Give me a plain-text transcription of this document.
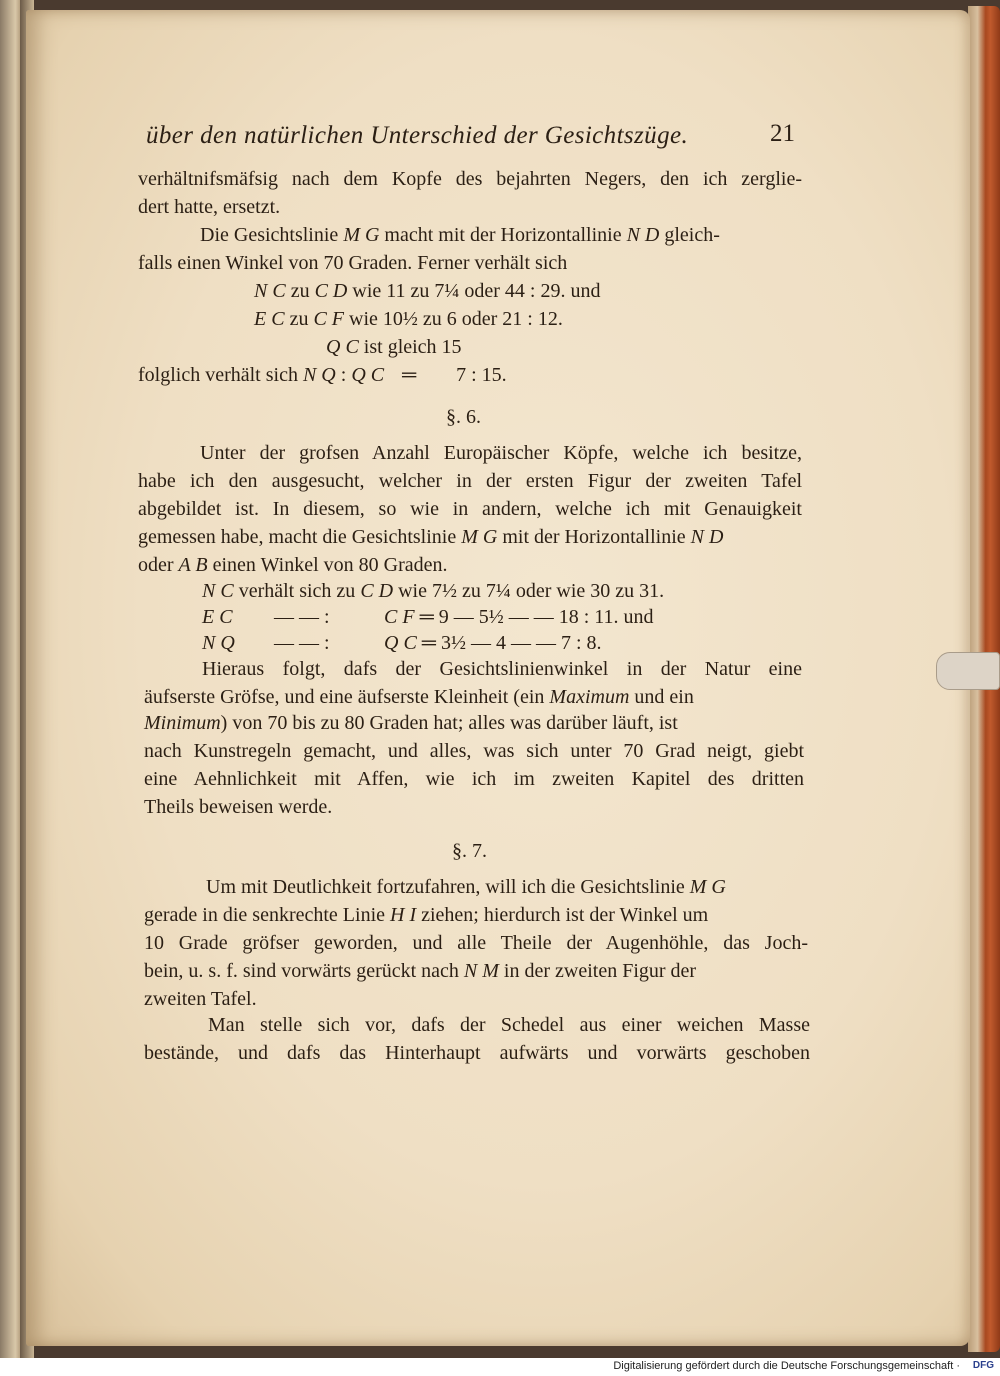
über den natürlichen Unterschied der Gesichtszüge.	21
verhältnifsmäfsig nach dem Kopfe des bejahrten Negers, den ich zerglie-
dert hatte, ersetzt.
Die Gesichtslinie M G macht mit der Horizontallinie N D gleich-
falls einen Winkel von 70 Graden. Ferner verhält sich
N C zu C D wie 11 zu 7¼ oder 44 : 29. und
E C zu C F wie 10½ zu 6 oder 21 : 12.
Q C ist gleich 15
folglich verhält sich N Q : Q C ═ 7 : 15.
§. 6.
Unter der grofsen Anzahl Europäischer Köpfe, welche ich besitze,
habe ich den ausgesucht, welcher in der ersten Figur der zweiten Tafel
abgebildet ist. In diesem, so wie in andern, welche ich mit Genauigkeit
gemessen habe, macht die Gesichtslinie M G mit der Horizontallinie N D
oder A B einen Winkel von 80 Graden.
N C verhält sich zu C D wie 7½ zu 7¼ oder wie 30 zu 31.
E C — — :	C F ═ 9 — 5½ — — 18 : 11. und
N Q — — :	Q C ═ 3½ — 4 — — 7 : 8.
Hieraus folgt, dafs der Gesichtslinienwinkel in der Natur eine
äufserste Gröfse, und eine äufserste Kleinheit (ein Maximum und ein
Minimum) von 70 bis zu 80 Graden hat; alles was darüber läuft, ist
nach Kunstregeln gemacht, und alles, was sich unter 70 Grad neigt, giebt
eine Aehnlichkeit mit Affen, wie ich im zweiten Kapitel des dritten
Theils beweisen werde.
§. 7.
Um mit Deutlichkeit fortzufahren, will ich die Gesichtslinie M G
gerade in die senkrechte Linie H I ziehen; hierdurch ist der Winkel um
10 Grade gröfser geworden, und alle Theile der Augenhöhle, das Joch-
bein, u. s. f. sind vorwärts gerückt nach N M in der zweiten Figur der
zweiten Tafel.
Man stelle sich vor, dafs der Schedel aus einer weichen Masse
bestände, und dafs das Hinterhaupt aufwärts und vorwärts geschoben
Digitalisierung gefördert durch die Deutsche Forschungsgemeinschaft · DFG
